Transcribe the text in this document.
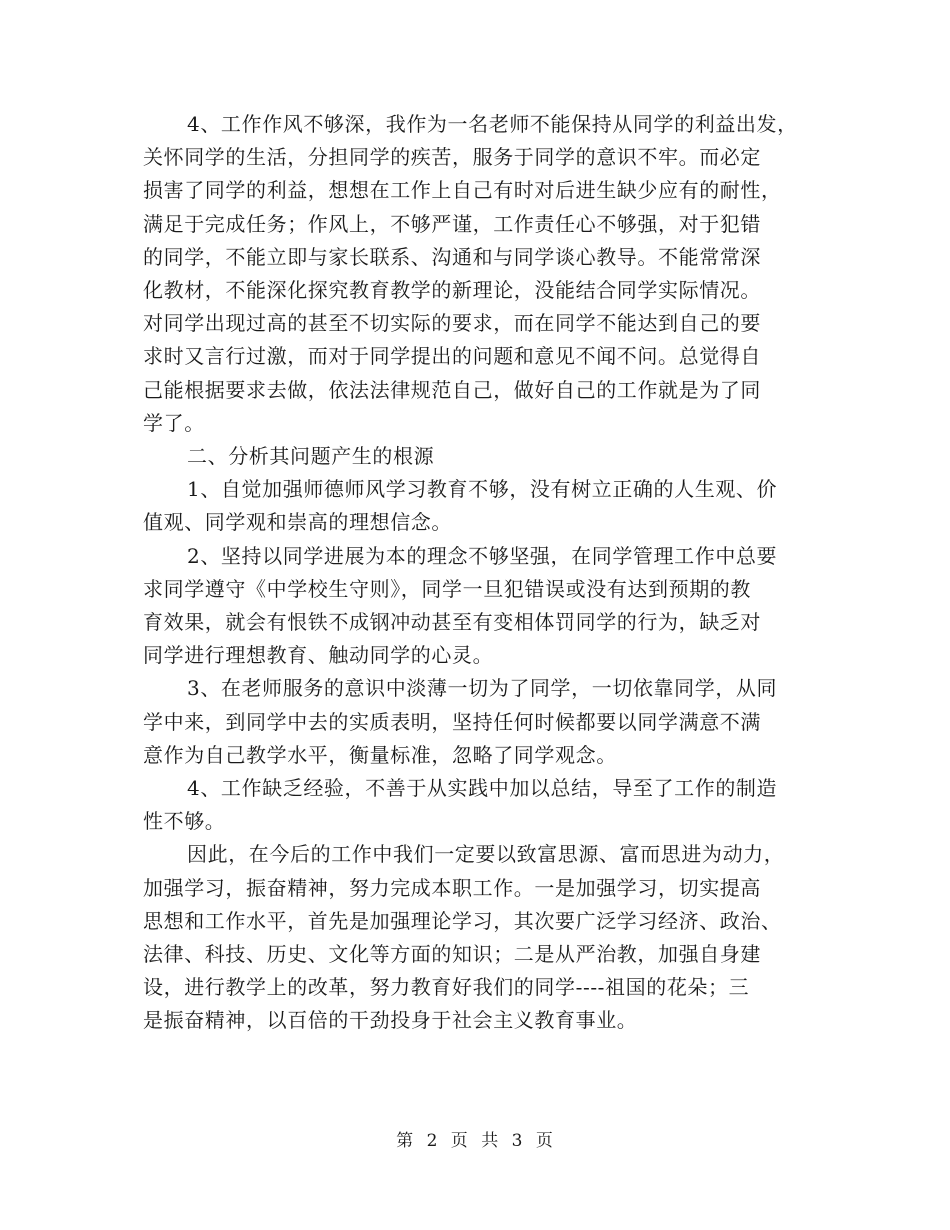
4、工作作风不够深，我作为一名老师不能保持从同学的利益出发，
关怀同学的生活，分担同学的疾苦，服务于同学的意识不牢。而必定
损害了同学的利益，想想在工作上自己有时对后进生缺少应有的耐性，
满足于完成任务；作风上，不够严谨，工作责任心不够强，对于犯错
的同学，不能立即与家长联系、沟通和与同学谈心教导。不能常常深
化教材，不能深化探究教育教学的新理论，没能结合同学实际情况。
对同学出现过高的甚至不切实际的要求，而在同学不能达到自己的要
求时又言行过激，而对于同学提出的问题和意见不闻不问。总觉得自
己能根据要求去做，依法法律规范自己，做好自己的工作就是为了同
学了。

二、分析其问题产生的根源

1、自觉加强师德师风学习教育不够，没有树立正确的人生观、价
值观、同学观和崇高的理想信念。

2、坚持以同学进展为本的理念不够坚强，在同学管理工作中总要
求同学遵守《中学校生守则》，同学一旦犯错误或没有达到预期的教
育效果，就会有恨铁不成钢冲动甚至有变相体罚同学的行为，缺乏对
同学进行理想教育、触动同学的心灵。

3、在老师服务的意识中淡薄一切为了同学，一切依靠同学，从同
学中来，到同学中去的实质表明，坚持任何时候都要以同学满意不满
意作为自己教学水平，衡量标准，忽略了同学观念。

4、工作缺乏经验，不善于从实践中加以总结，导至了工作的制造
性不够。

因此，在今后的工作中我们一定要以致富思源、富而思进为动力，
加强学习，振奋精神，努力完成本职工作。一是加强学习，切实提高
思想和工作水平，首先是加强理论学习，其次要广泛学习经济、政治、
法律、科技、历史、文化等方面的知识；二是从严治教，加强自身建
设，进行教学上的改革，努力教育好我们的同学----祖国的花朵；三
是振奋精神，以百倍的干劲投身于社会主义教育事业。

第 2 页 共 3 页
